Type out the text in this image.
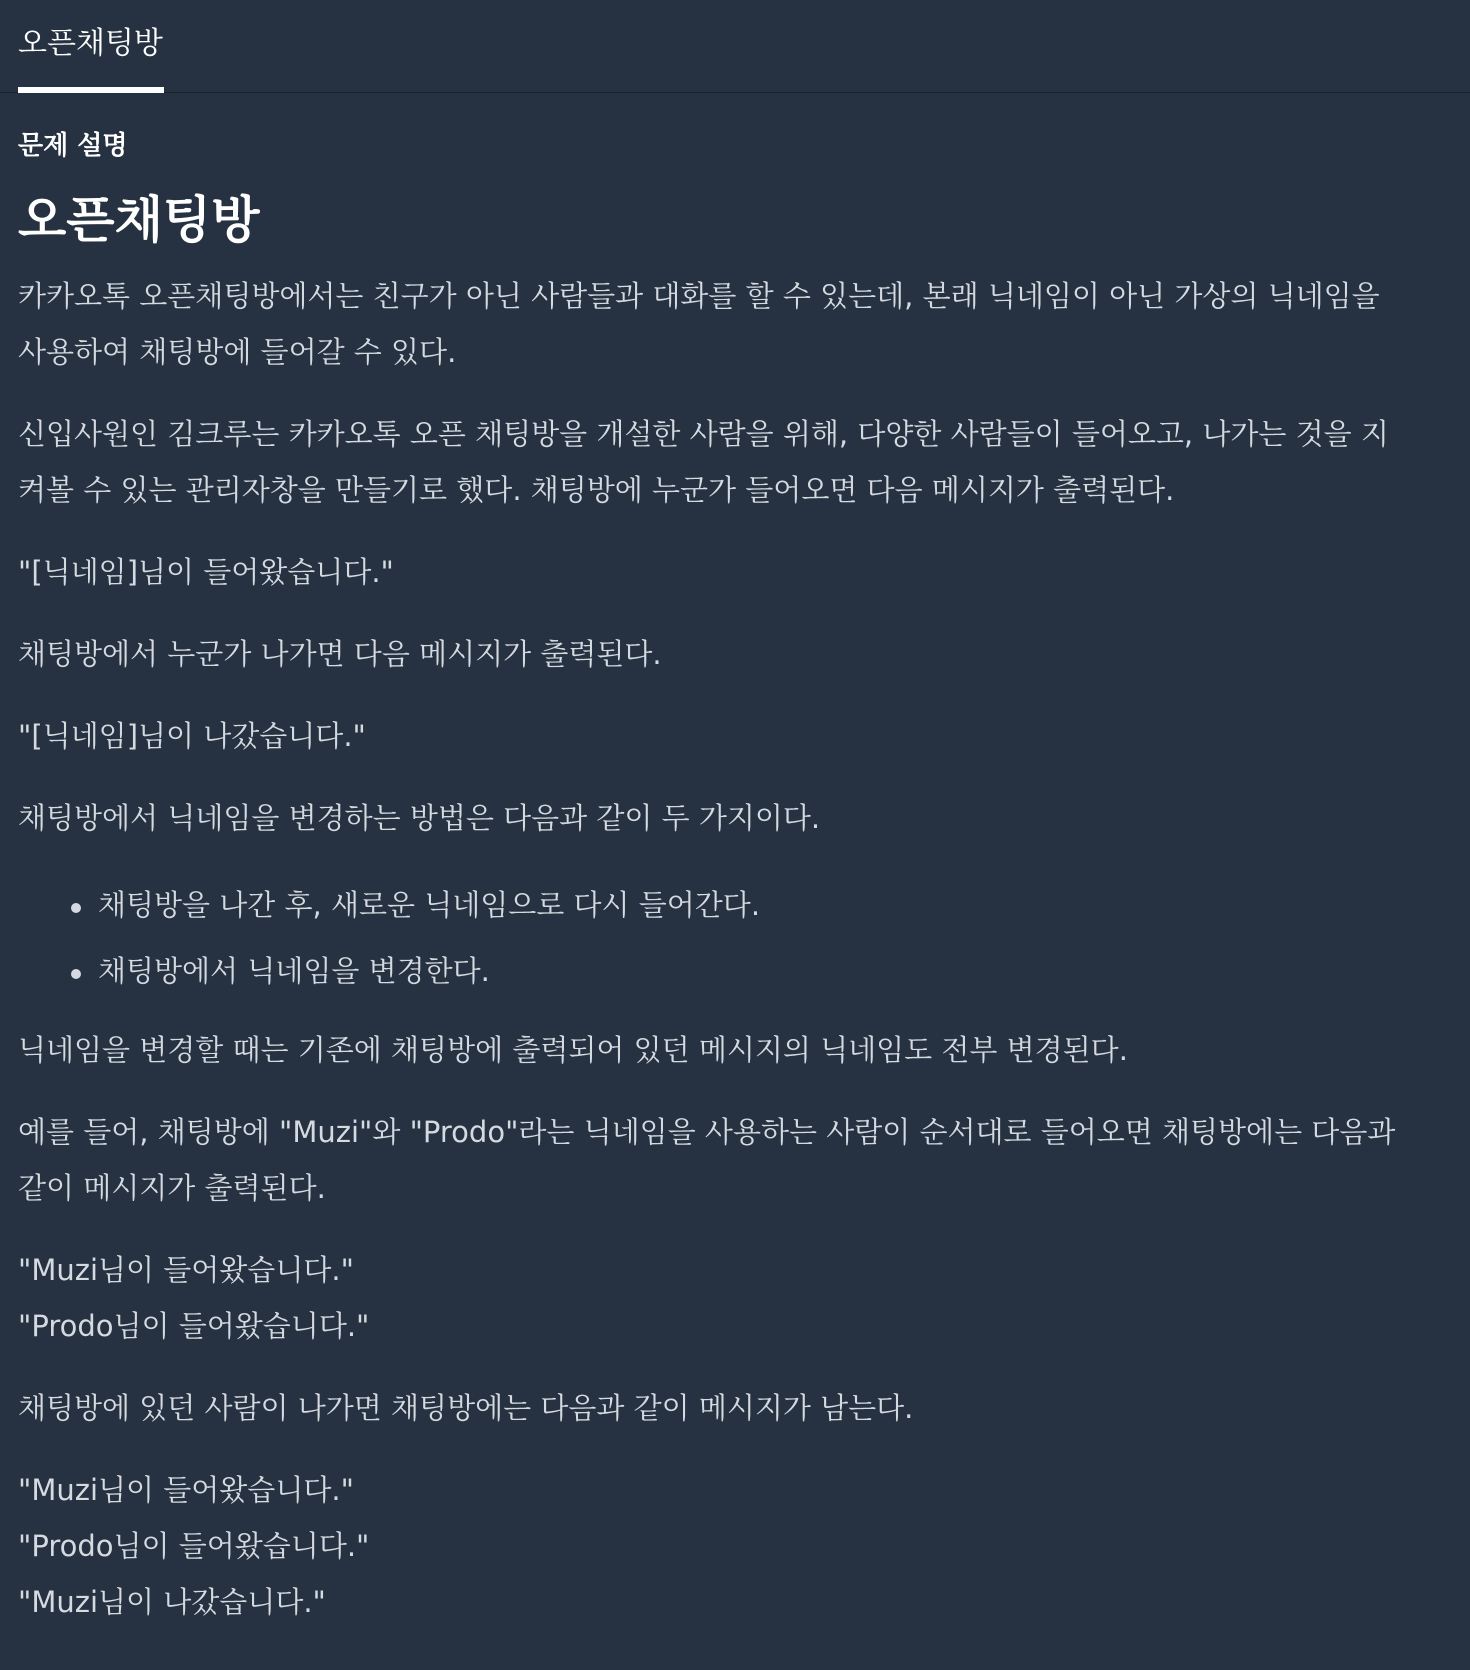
오픈채팅방
문제 설명
오픈채팅방

카카오톡 오픈채팅방에서는 친구가 아닌 사람들과 대화를 할 수 있는데, 본래 닉네임이 아닌 가상의 닉네임을 사용하여 채팅방에 들어갈 수 있다.

신입사원인 김크루는 카카오톡 오픈 채팅방을 개설한 사람을 위해, 다양한 사람들이 들어오고, 나가는 것을 지켜볼 수 있는 관리자창을 만들기로 했다. 채팅방에 누군가 들어오면 다음 메시지가 출력된다.

"[닉네임]님이 들어왔습니다."

채팅방에서 누군가 나가면 다음 메시지가 출력된다.

"[닉네임]님이 나갔습니다."

채팅방에서 닉네임을 변경하는 방법은 다음과 같이 두 가지이다.

채팅방을 나간 후, 새로운 닉네임으로 다시 들어간다.
채팅방에서 닉네임을 변경한다.

닉네임을 변경할 때는 기존에 채팅방에 출력되어 있던 메시지의 닉네임도 전부 변경된다.

예를 들어, 채팅방에 "Muzi"와 "Prodo"라는 닉네임을 사용하는 사람이 순서대로 들어오면 채팅방에는 다음과 같이 메시지가 출력된다.

"Muzi님이 들어왔습니다."
"Prodo님이 들어왔습니다."

채팅방에 있던 사람이 나가면 채팅방에는 다음과 같이 메시지가 남는다.

"Muzi님이 들어왔습니다."
"Prodo님이 들어왔습니다."
"Muzi님이 나갔습니다."
